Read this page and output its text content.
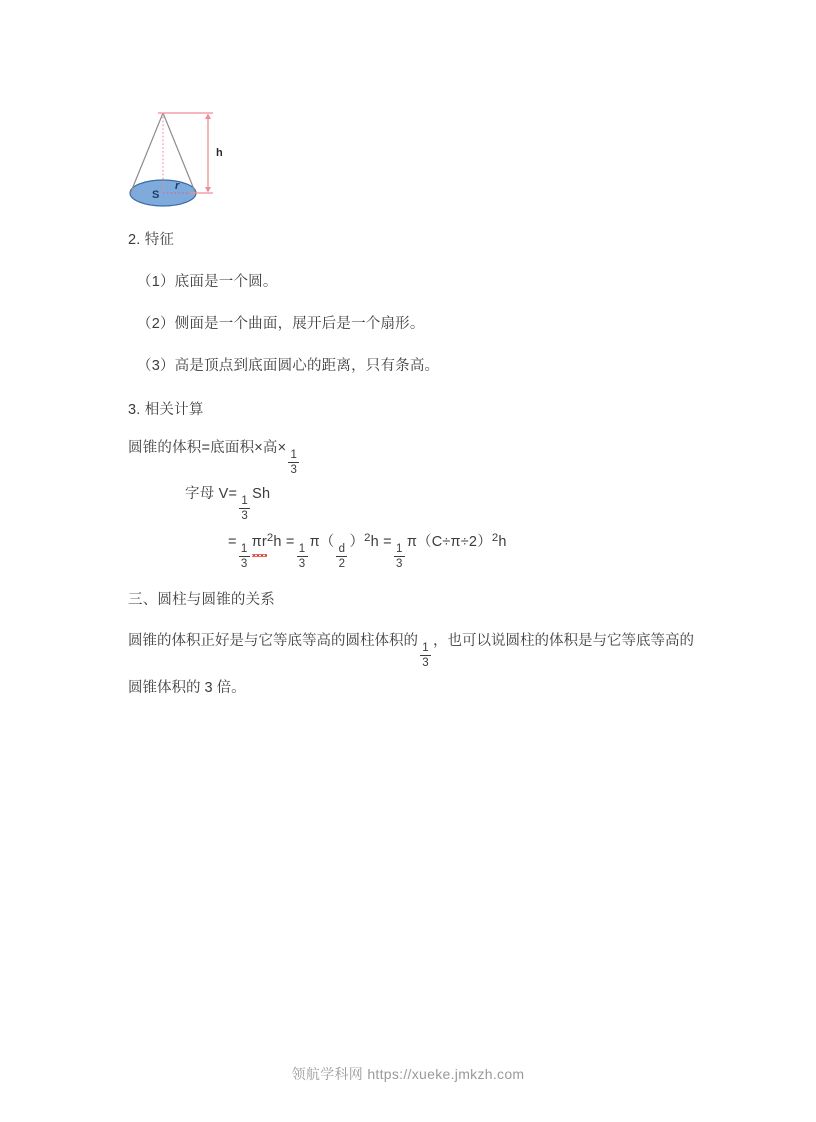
S
r
h
2. 特征
（1）底面是一个圆。
（2）侧面是一个曲面，展开后是一个扇形。
（3）高是顶点到底面圆心的距离，只有条高。
3. 相关计算
圆锥的体积=底面积×高×
$\frac{1}{3}$
字母 V=
$\frac{1}{3}$
Sh
=
$\frac{1}{3}$
$\pi r^2h$ =
$\frac{1}{3}$
π（
$\frac{d}{2}$
）$^2$h =
$\frac{1}{3}$
$\pi(C\div\pi\div 2)^2h$
三、圆柱与圆锥的关系
圆锥的体积正好是与它等底等高的圆柱体积的
$\frac{1}{3}$
，也可以说圆柱的体积是与它等底等高的圆锥体积的 3 倍。
领航学科网 https://xueke.jmkzh.com
